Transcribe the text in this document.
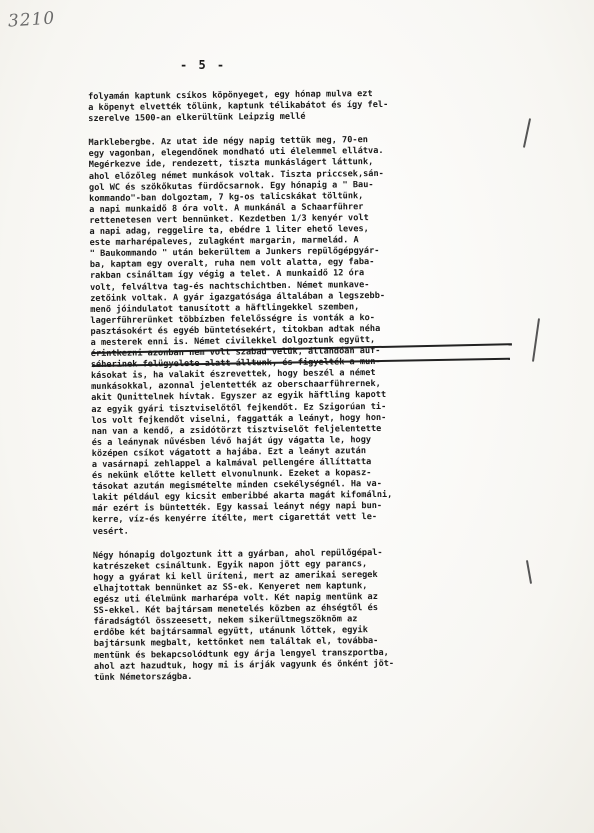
3210
- 5 -
folyamán kaptunk csíkos köpönyeget, egy hónap mulva ezt
a köpenyt elvették tőlünk, kaptunk télikabátot és így fel-
szerelve 1500-an elkerültünk Leipzig mellé
Marklebergbe. Az utat ide négy napig tettük meg, 70-en
egy vagonban, elegendőnek mondható uti élelemmel ellátva.
Megérkezve ide, rendezett, tiszta munkáslágert láttunk,
ahol előzőleg német munkások voltak. Tiszta priccsek,sán-
gol WC és szökőkutas fürdőcsarnok. Egy hónapig a " Bau-
kommando"-ban dolgoztam, 7 kg-os talicskákat töltünk,
a napi munkaidő 8 óra volt. A munkánál a Schaarführer
rettenetesen vert bennünket. Kezdetben 1/3 kenyér volt
a napi adag, reggelire ta, ebédre 1 liter ehető leves,
este marharépaleves, zulagként margarin, marmelád. A
" Baukommando " után bekerültem a Junkers repülőgépgyár-
ba, kaptam egy overalt, ruha nem volt alatta, egy faba-
rakban csináltam így végig a telet. A munkaidő 12 óra
volt, felváltva tag-és nachtschichtben. Német munkave-
zetőink voltak. A gyár igazgatósága általában a legszebb-
menő jóindulatot tanusított a häftlingekkel szemben,
lagerführerünket többízben felelősségre is vonták a ko-
pasztásokért és egyéb büntetésekért, titokban adtak néha
a mesterek enni is. Német civilekkel dolgoztunk együtt,
érintkezni azonban nem volt szabad velük, állandóan auf-
séherinek felügyelete alatt álltunk, és figyelték a mun-
kásokat is, ha valakit észrevettek, hogy beszél a német
munkásokkal, azonnal jelentették az oberschaarführernek,
akit Qunittelnek hívtak. Egyszer az egyik häftling kapott
az egyik gyári tisztviselőtől fejkendőt. Ez Szigorúan ti-
los volt fejkendőt viselni, faggatták a leányt, hogy hon-
nan van a kendő, a zsidótörzt tisztviselőt feljelentette
és a leánynak nűvésben lévő haját úgy vágatta le, hogy
középen csíkot vágatott a hajába. Ezt a leányt azután
a vasárnapi zehlappel a kalmával pellengére állíttatta
és nekünk előtte kellett elvonulnunk. Ezeket a kopasz-
tásokat azután megismételte minden csekélységnél. Ha va-
lakit például egy kicsit emberibbé akarta magát kifomálni,
már ezért is büntették. Egy kassai leányt négy napi bun-
kerre, víz-és kenyérre ítélte, mert cigarettát vett le-
vesért.
Négy hónapig dolgoztunk itt a gyárban, ahol repülőgépal-
katrészeket csináltunk. Egyik napon jött egy parancs,
hogy a gyárat ki kell üríteni, mert az amerikai seregek
elhajtottak bennünket az SS-ek. Kenyeret nem kaptunk,
egész uti élelmünk marharépa volt. Két napig mentünk az
SS-ekkel. Két bajtársam menetelés közben az éhségtől és
fáradságtól összeesett, nekem sikerültmegszöknöm az
erdőbe két bajtársammal együtt, utánunk lőttek, egyik
bajtársunk megbalt, kettőnket nem találtak el, továbba-
mentünk és bekapcsolódtunk egy árja lengyel transzportba,
ahol azt hazudtuk, hogy mi is árják vagyunk és önként jöt-
tünk Németországba.
